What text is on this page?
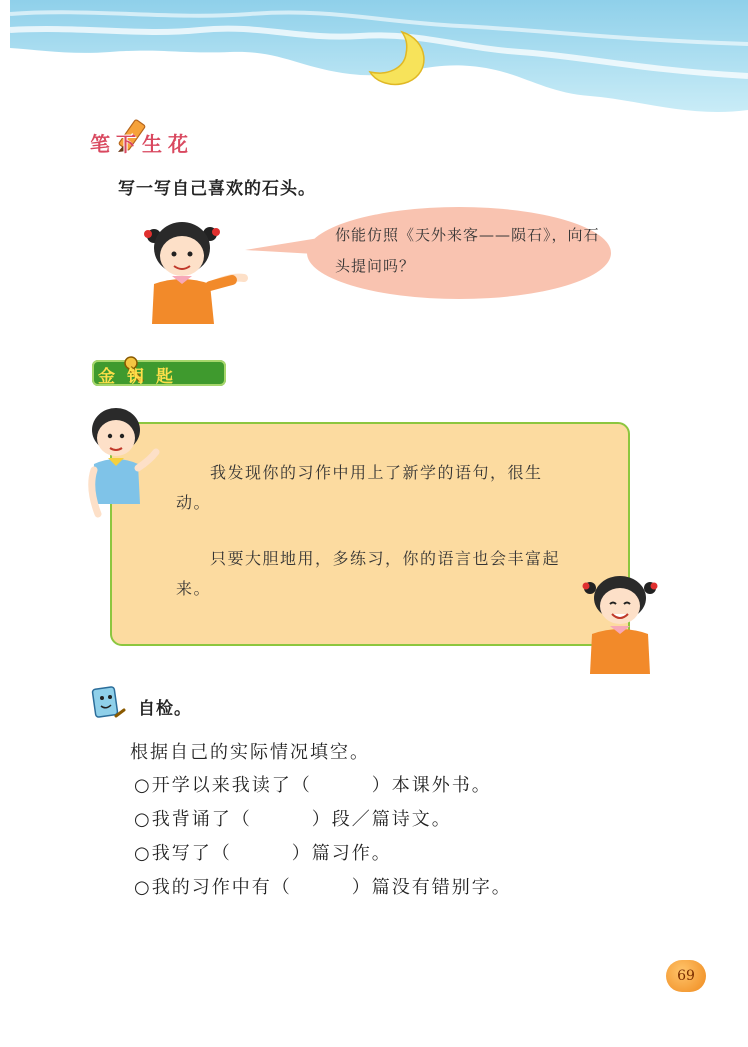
笔下生花
写一写自己喜欢的石头。
你能仿照《天外来客——陨石》，向石头提问吗？
金钥匙
我发现你的习作中用上了新学的语句，很生动。
只要大胆地用，多练习，你的语言也会丰富起来。
自检。
根据自己的实际情况填空。
○开学以来我读了（　　　）本课外书。
○我背诵了（　　　）段／篇诗文。
○我写了（　　　）篇习作。
○我的习作中有（　　　）篇没有错别字。
69
